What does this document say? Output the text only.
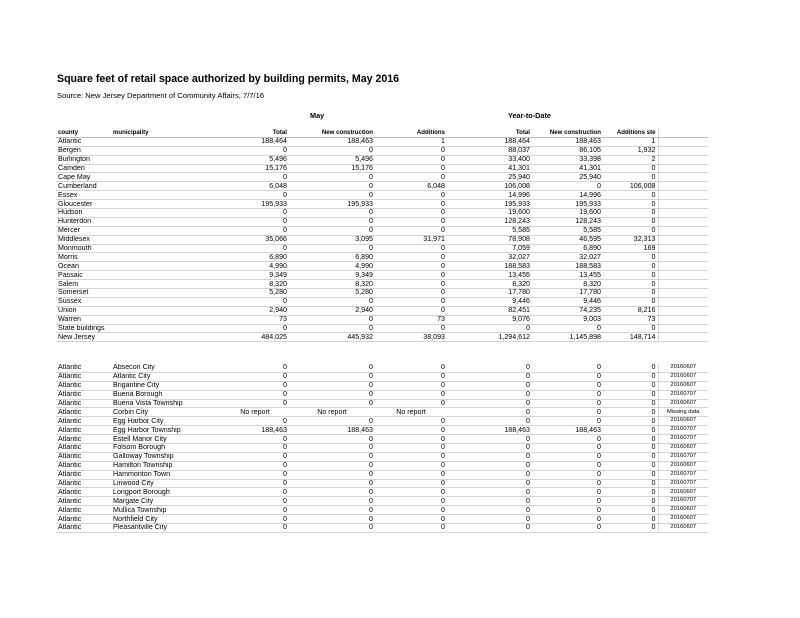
Square feet of retail space authorized by building permits, May 2016
Source: New Jersey Department of Community Affairs, 7/7/16
May	Year-to-Date
county	municipality	Total	New construction	Additions	Total	New construction	Additions ste	
Atlantic		188,464	188,463	1	188,464	188,463	1	
Bergen		0	0	0	88,037	86,105	1,932	
Burlington		5,496	5,496	0	33,400	33,398	2	
Camden		15,176	15,176	0	41,301	41,301	0	
Cape May		0	0	0	25,940	25,940	0	
Cumberland		6,048	0	6,048	106,008	0	106,008	
Essex		0	0	0	14,996	14,996	0	
Gloucester		195,933	195,933	0	195,933	195,933	0	
Hudson		0	0	0	19,600	19,600	0	
Hunterdon		0	0	0	128,243	128,243	0	
Mercer		0	0	0	5,585	5,585	0	
Middlesex		35,066	3,095	31,971	78,908	46,595	32,313	
Monmouth		0	0	0	7,059	6,890	169	
Morris		6,890	6,890	0	32,027	32,027	0	
Ocean		4,990	4,990	0	188,583	188,583	0	
Passaic		9,349	9,349	0	13,455	13,455	0	
Salem		8,320	8,320	0	8,320	8,320	0	
Somerset		5,280	5,280	0	17,780	17,780	0	
Sussex		0	0	0	9,446	9,446	0	
Union		2,940	2,940	0	82,451	74,235	8,216	
Warren		73	0	73	9,076	9,003	73	
State buildings		0	0	0	0	0	0	
New Jersey		484,025	445,932	38,093	1,294,612	1,145,898	148,714	
Atlantic	Absecon City	0	0	0	0	0	0	20160607
Atlantic	Atlantic City	0	0	0	0	0	0	20160607
Atlantic	Brigantine City	0	0	0	0	0	0	20160607
Atlantic	Buena Borough	0	0	0	0	0	0	20160707
Atlantic	Buena Vista Township	0	0	0	0	0	0	20160607
Atlantic	Corbin City	No report	No report	No report	0	0	0	Missing data
Atlantic	Egg Harbor City	0	0	0	0	0	0	20160607
Atlantic	Egg Harbor Township	188,463	188,463	0	188,463	188,463	0	20160707
Atlantic	Estell Manor City	0	0	0	0	0	0	20160707
Atlantic	Folsom Borough	0	0	0	0	0	0	20160607
Atlantic	Galloway Township	0	0	0	0	0	0	20160707
Atlantic	Hamilton Township	0	0	0	0	0	0	20160607
Atlantic	Hammonton Town	0	0	0	0	0	0	20160707
Atlantic	Linwood City	0	0	0	0	0	0	20160707
Atlantic	Longport Borough	0	0	0	0	0	0	20160607
Atlantic	Margate City	0	0	0	0	0	0	20160707
Atlantic	Mullica Township	0	0	0	0	0	0	20160607
Atlantic	Northfield City	0	0	0	0	0	0	20160607
Atlantic	Pleasantville City	0	0	0	0	0	0	20160607
